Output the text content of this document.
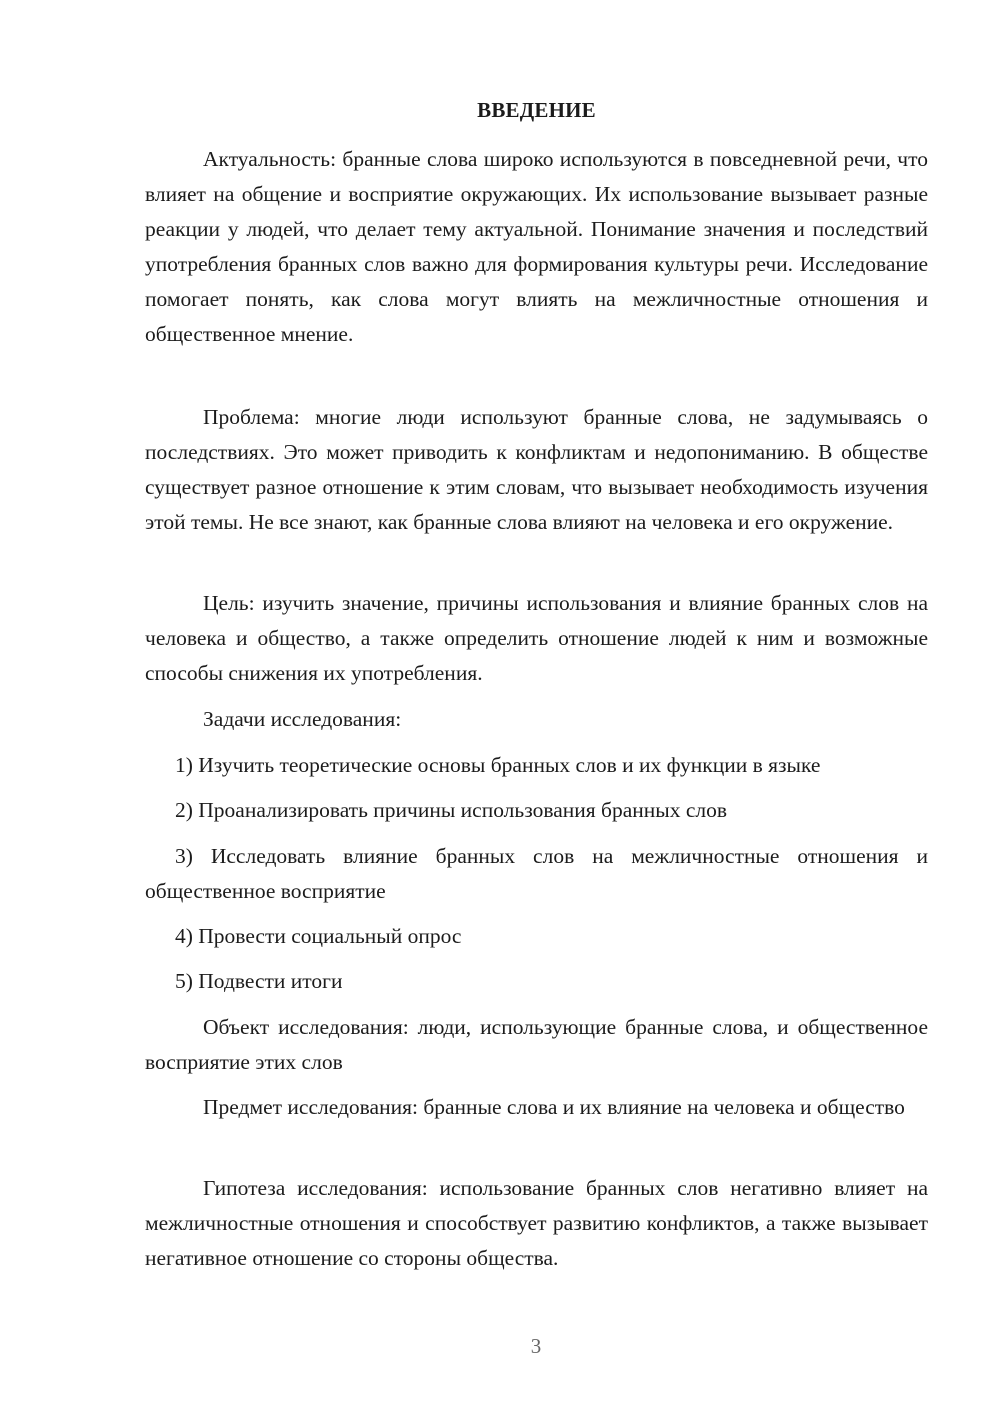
ВВЕДЕНИЕ

Актуальность: бранные слова широко используются в повседневной речи, что влияет на общение и восприятие окружающих. Их использование вызывает разные реакции у людей, что делает тему актуальной. Понимание значения и последствий употребления бранных слов важно для формирования культуры речи. Исследование помогает понять, как слова могут влиять на межличностные отношения и общественное мнение.

Проблема: многие люди используют бранные слова, не задумываясь о последствиях. Это может приводить к конфликтам и недопониманию. В обществе существует разное отношение к этим словам, что вызывает необходимость изучения этой темы. Не все знают, как бранные слова влияют на человека и его окружение.

Цель: изучить значение, причины использования и влияние бранных слов на человека и общество, а также определить отношение людей к ним и возможные способы снижения их употребления.

Задачи исследования:

1) Изучить теоретические основы бранных слов и их функции в языке

2) Проанализировать причины использования бранных слов

3) Исследовать влияние бранных слов на межличностные отношения и общественное восприятие

4) Провести социальный опрос

5) Подвести итоги

Объект исследования: люди, использующие бранные слова, и общественное восприятие этих слов

Предмет исследования: бранные слова и их влияние на человека и общество

Гипотеза исследования: использование бранных слов негативно влияет на межличностные отношения и способствует развитию конфликтов, а также вызывает негативное отношение со стороны общества.

3
